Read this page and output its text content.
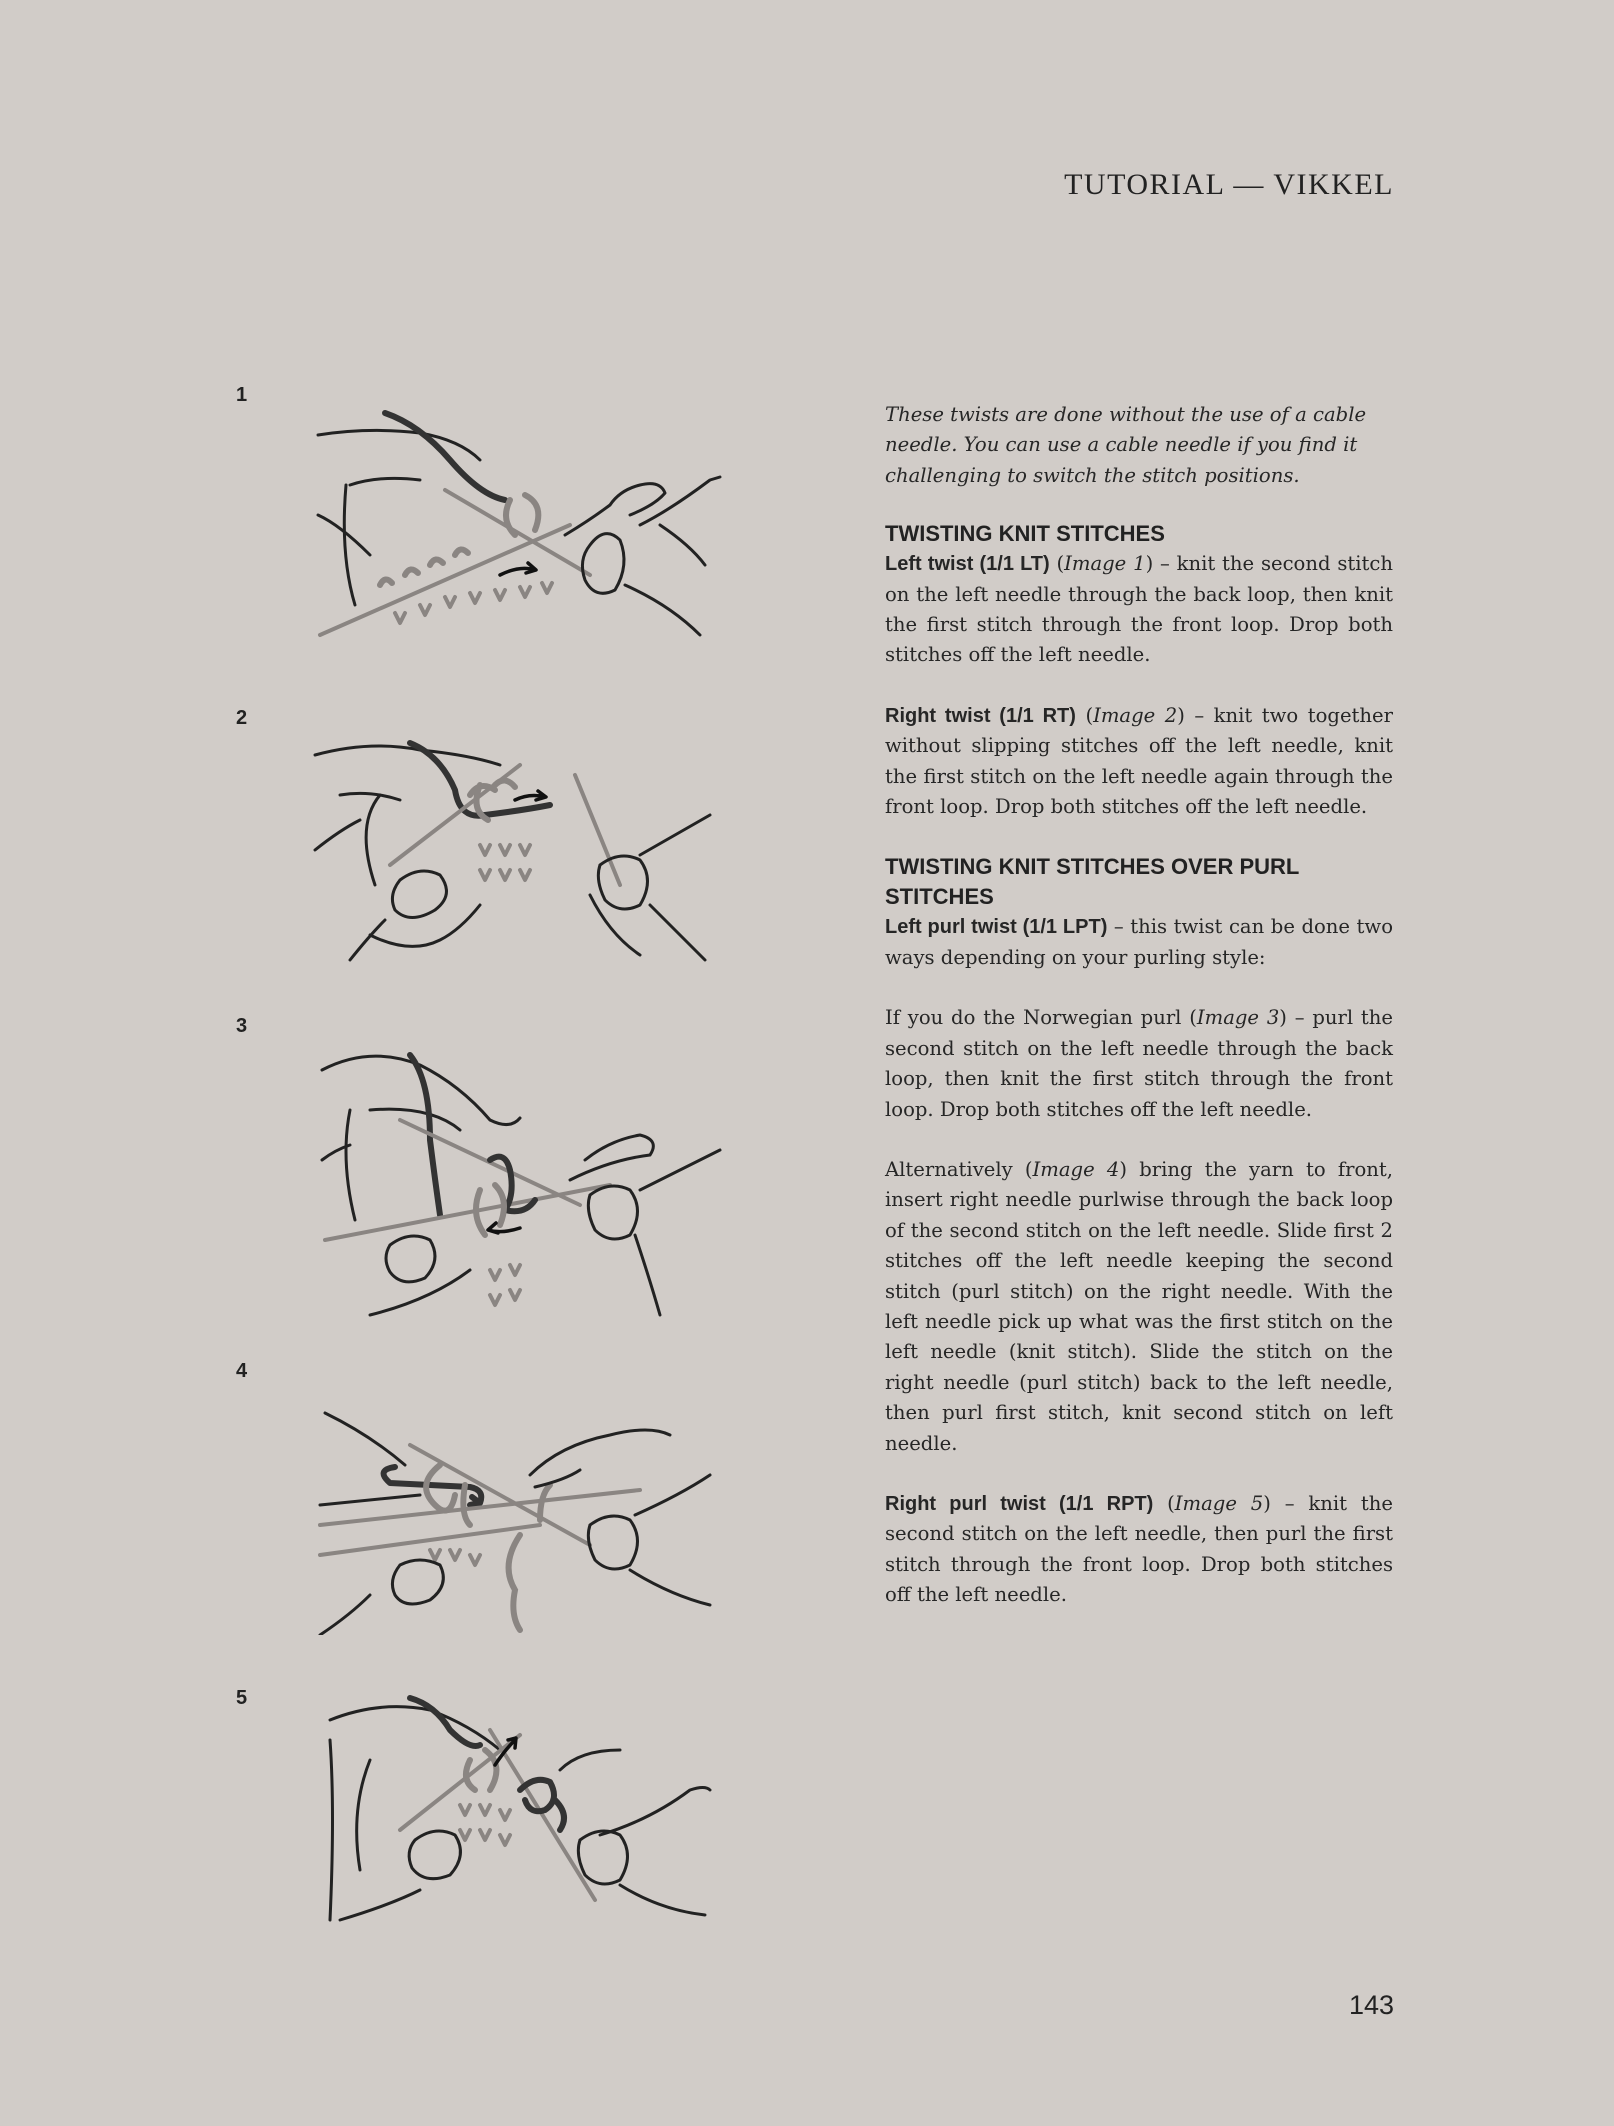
TUTORIAL — VIKKEL
1
2
3
4
5

These twists are done without the use of a cable needle. You can use a cable needle if you find it challenging to switch the stitch positions.

TWISTING KNIT STITCHES

Left twist (1/1 LT) (Image 1) – knit the second stitch on the left needle through the back loop, then knit the first stitch through the front loop. Drop both stitches off the left needle.

Right twist (1/1 RT) (Image 2) – knit two together without slipping stitches off the left needle, knit the first stitch on the left needle again through the front loop. Drop both stitches off the left needle.

TWISTING KNIT STITCHES OVER PURL STITCHES

Left purl twist (1/1 LPT) – this twist can be done two ways depending on your purling style:

If you do the Norwegian purl (Image 3) – purl the second stitch on the left needle through the back loop, then knit the first stitch through the front loop. Drop both stitches off the left needle.

Alternatively (Image 4) bring the yarn to front, insert right needle purlwise through the back loop of the second stitch on the left needle. Slide first 2 stitches off the left needle keeping the second stitch (purl stitch) on the right needle. With the left needle pick up what was the first stitch on the left needle (knit stitch). Slide the stitch on the right needle (purl stitch) back to the left needle, then purl first stitch, knit second stitch on left needle.

Right purl twist (1/1 RPT) (Image 5) – knit the second stitch on the left needle, then purl the first stitch through the front loop. Drop both stitches off the left needle.

143
